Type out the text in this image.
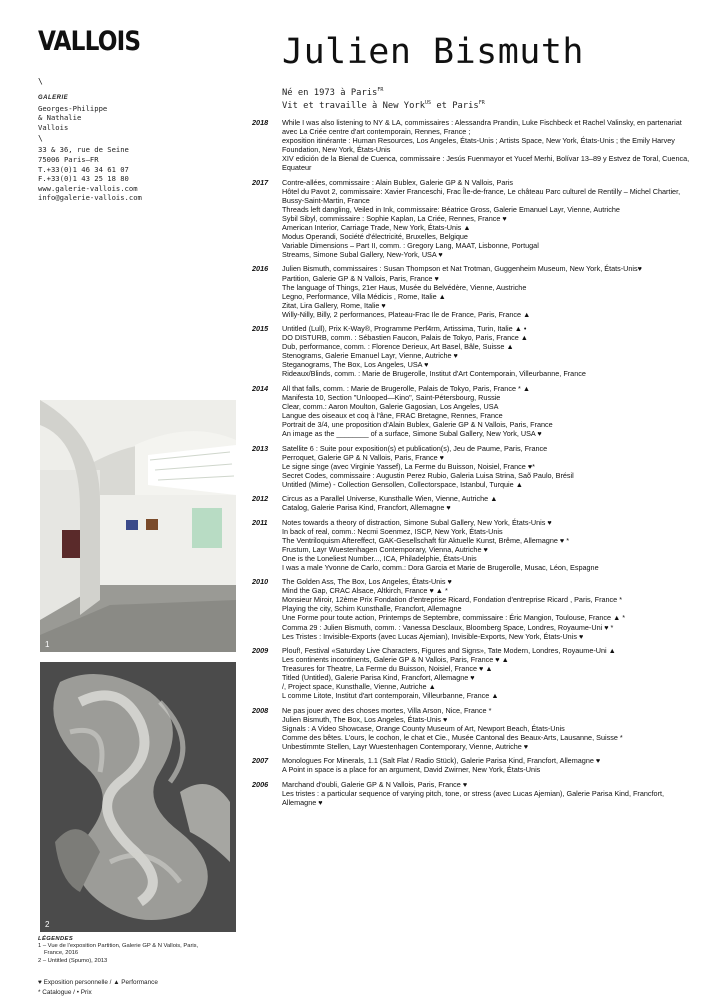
VALLOIS
\
GALERIE
Georges-Philippe
& Nathalie
Vallois
\
33 & 36, rue de Seine
75006 Paris–FR
T.+33(0)1 46 34 61 07
F.+33(0)1 43 25 18 80
www.galerie-vallois.com
info@galerie-vallois.com
Julien Bismuth
Né en 1973 à Paris$^{FR}$
Vit et travaille à New York$^{US}$ et Paris$^{FR}$
1
2
LÉGENDES
1 – Vue de l'exposition Partition, Galerie GP & N Vallois, Paris,
France, 2016
2 – Untitled (Spumo), 2013
♥ Exposition personnelle / ▲ Performance
* Catalogue / • Prix
2018	While I was also listening to NY & LA, commissaires : Alessandra Prandin, Luke Fischbeck et Rachel Valinsky, en partenariat avec La Criée centre d'art contemporain, Rennes, France ;
exposition itinérante : Human Resources, Los Angeles, États-Unis ; Artists Space, New York, États-Unis ; the Emily Harvey Foundation, New York, États-Unis
XIV edición de la Bienal de Cuenca, commissaire : Jesús Fuenmayor et Yucef Merhi, Bolívar 13–89 y Estvez de Toral, Cuenca, Equateur
2017	Contre-allées, commissaire : Alain Bublex, Galerie GP & N Vallois, Paris
Hôtel du Pavot 2, commissaire: Xavier Franceschi, Frac Île-de-france, Le château Parc culturel de Rentilly – Michel Chartier, Bussy-Saint-Martin, France
Threads left dangling, Veiled in Ink, commissaire: Béatrice Gross, Galerie Emanuel Layr, Vienne, Autriche
Sybil Sibyl, commissaire : Sophie Kaplan, La Criée, Rennes, France ♥
American Interior, Carriage Trade, New York, États-Unis ▲
Modus Operandi, Société d'électricité, Bruxelles, Belgique
Variable Dimensions – Part II, comm. : Gregory Lang, MAAT, Lisbonne, Portugal
Streams, Simone Subal Gallery, New-York, USA ♥
2016	Julien Bismuth, commissaires : Susan Thompson et Nat Trotman, Guggenheim Museum, New York, États-Unis♥
Partition, Galerie GP & N Vallois, Paris, France ♥
The language of Things, 21er Haus, Musée du Belvédère, Vienne, Austriche
Legno, Performance, Villa Médicis , Rome, Italie ▲
Zitat, Lira Gallery, Rome, Italie ♥
Willy-Nilly, Billy, 2 performances, Plateau-Frac Ile de France, Paris, France ▲
2015	Untitled (Lull), Prix K-Way®, Programme Perf4rm, Artissima, Turin, Italie ▲ •
DO DISTURB, comm. : Sébastien Faucon, Palais de Tokyo, Paris, France ▲
Dub, performance, comm. : Florence Derieux, Art Basel, Bâle, Suisse ▲
Stenograms, Galerie Emanuel Layr, Vienne, Autriche ♥
Steganograms, The Box, Los Angeles, USA ♥
Rideaux/Blinds, comm. : Marie de Brugerolle, Institut d'Art Contemporain, Villeurbanne, France
2014	All that falls, comm. : Marie de Brugerolle, Palais de Tokyo, Paris, France * ▲
Manifesta 10, Section "Unlooped—Kino", Saint-Pétersbourg, Russie
Clear, comm.: Aaron Moulton, Galerie Gagosian, Los Angeles, USA
Langue des oiseaux et coq à l'âne, FRAC Bretagne, Rennes, France
Portrait de 3/4, une proposition d'Alain Bublex, Galerie GP & N Vallois, Paris, France
An image as the ________ of a surface, Simone Subal Gallery, New York, USA ♥
2013	Satellite 6 : Suite pour exposition(s) et publication(s), Jeu de Paume, Paris, France
Perroquet, Galerie GP & N Vallois, Paris, France ♥
Le signe singe (avec Virginie Yassef), La Ferme du Buisson, Noisiel, France ♥*
Secret Codes, commissaire : Augustin Perez Rubio, Galeria Luisa Strina, Saõ Paulo, Brésil
Untitled (Mime) - Collection Gensollen, Collectorspace, Istanbul, Turquie ▲
2012	Circus as a Parallel Universe, Kunsthalle Wien, Vienne, Autriche ▲
Catalog, Galerie Parisa Kind, Francfort, Allemagne ♥
2011	Notes towards a theory of distraction, Simone Subal Gallery, New York, États-Unis ♥
In back of real, comm.: Necmi Soenmez, ISCP, New York, États-Unis
The Ventriloquism Aftereffect, GAK-Gesellschaft für Aktuelle Kunst, Brême, Allemagne ♥ *
Frustum, Layr Wuestenhagen Contemporary, Vienna, Autriche ♥
One is the Loneliest Number..., ICA, Philadelphie, États-Unis
I was a male Yvonne de Carlo, comm.: Dora Garcia et Marie de Brugerolle, Musac, Léon, Espagne
2010	The Golden Ass, The Box, Los Angeles, États-Unis ♥
Mind the Gap, CRAC Alsace, Altkirch, France ♥ ▲ *
Monsieur Miroir, 12ème Prix Fondation d'entreprise Ricard, Fondation d'entreprise Ricard , Paris, France *
Playing the city, Schirn Kunsthalle, Francfort, Allemagne
Une Forme pour toute action, Printemps de Septembre, commissaire : Éric Mangion, Toulouse, France ▲ *
Comma 29 : Julien Bismuth, comm. : Vanessa Desclaux, Bloomberg Space, Londres, Royaume-Uni ♥ *
Les Tristes : Invisible-Exports (avec Lucas Ajemian), Invisible-Exports, New York, États-Unis ♥
2009	Plouf!, Festival «Saturday Live Characters, Figures and Signs», Tate Modern, Londres, Royaume-Uni ▲
Les continents incontinents, Galerie GP & N Vallois, Paris, France ♥ ▲
Treasures for Theatre, La Ferme du Buisson, Noisiel, France ♥ ▲
Titled (Untitled), Galerie Parisa Kind, Francfort, Allemagne ♥
/, Project space, Kunsthalle, Vienne, Autriche ▲
L comme Litote, Institut d'art contemporain, Villeurbanne, France ▲
2008	Ne pas jouer avec des choses mortes, Villa Arson, Nice, France *
Julien Bismuth, The Box, Los Angeles, États-Unis ♥
Signals : A Video Showcase, Orange County Museum of Art, Newport Beach, États-Unis
Comme des bêtes. L'ours, le cochon, le chat et Cie., Musée Cantonal des Beaux-Arts, Lausanne, Suisse *
Unbestimmte Stellen, Layr Wuestenhagen Contemporary, Vienne, Autriche ♥
2007	Monologues For Minerals, 1.1 (Salt Flat / Radio Stück), Galerie Parisa Kind, Francfort, Allemagne ♥
A Point in space is a place for an argument, David Zwirner, New York, États-Unis
2006	Marchand d'oubli, Galerie GP & N Vallois, Paris, France ♥
Les tristes : a particular sequence of varying pitch, tone, or stress (avec Lucas Ajemian), Galerie Parisa Kind, Francfort, Allemagne ♥
